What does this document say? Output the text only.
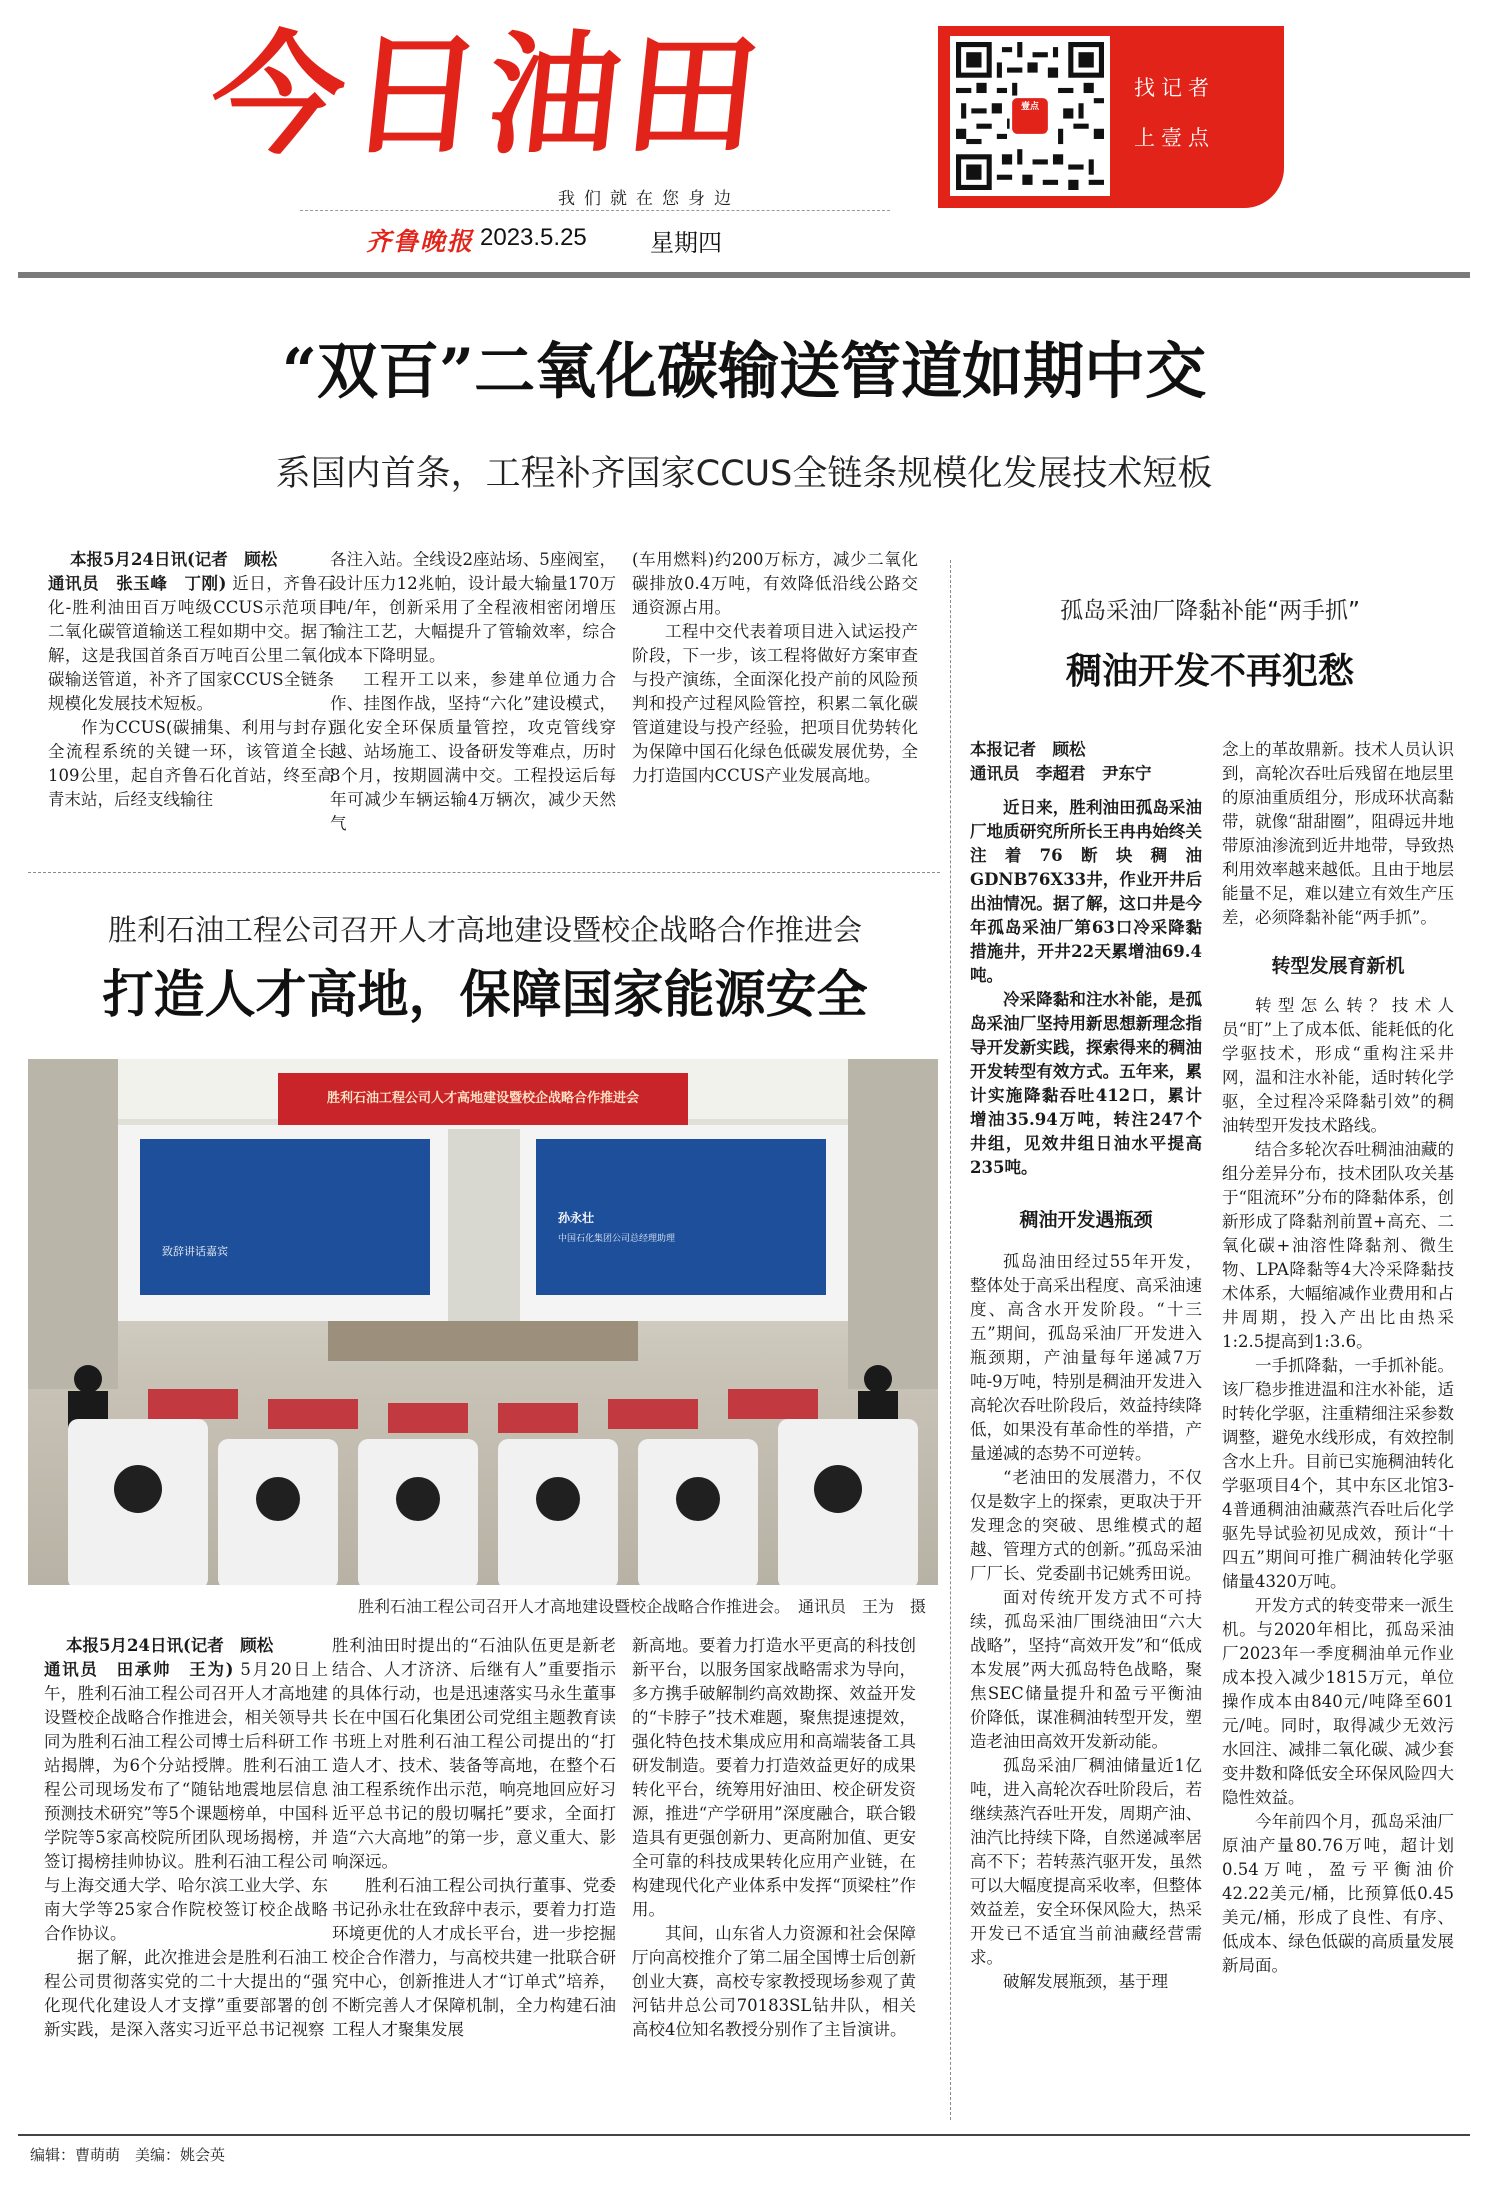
今日油田
我们就在您身边
齐鲁晚报 2023.5.25	星期四
壹点
找记者
上壹点
“双百”二氧化碳输送管道如期中交
系国内首条，工程补齐国家CCUS全链条规模化发展技术短板

本报5月24日讯(记者　顾松

通讯员　张玉峰　丁刚) 近日，齐鲁石化-胜利油田百万吨级CCUS示范项目二氧化碳管道输送工程如期中交。据了解，这是我国首条百万吨百公里二氧化碳输送管道，补齐了国家CCUS全链条规模化发展技术短板。

作为CCUS(碳捕集、利用与封存)全流程系统的关键一环，该管道全长109公里，起自齐鲁石化首站，终至高青末站，后经支线输往

各注入站。全线设2座站场、5座阀室，设计压力12兆帕，设计最大输量170万吨/年，创新采用了全程液相密闭增压输注工艺，大幅提升了管输效率，综合成本下降明显。

工程开工以来，参建单位通力合作、挂图作战，坚持“六化”建设模式，强化安全环保质量管控，攻克管线穿越、站场施工、设备研发等难点，历时8个月，按期圆满中交。工程投运后每年可减少车辆运输4万辆次，减少天然气

(车用燃料)约200万标方，减少二氧化碳排放0.4万吨，有效降低沿线公路交通资源占用。

工程中交代表着项目进入试运投产阶段，下一步，该工程将做好方案审查与投产演练，全面深化投产前的风险预判和投产过程风险管控，积累二氧化碳管道建设与投产经验，把项目优势转化为保障中国石化绿色低碳发展优势，全力打造国内CCUS产业发展高地。

胜利石油工程公司召开人才高地建设暨校企战略合作推进会
打造人才高地，保障国家能源安全
胜利石油工程公司人才高地建设暨校企战略合作推进会
致辞讲话嘉宾
孙永壮
中国石化集团公司总经理助理
胜利石油工程公司召开人才高地建设暨校企战略合作推进会。　通讯员　王为　摄

本报5月24日讯(记者　顾松

通讯员　田承帅　王为) 5月20日上午，胜利石油工程公司召开人才高地建设暨校企战略合作推进会，相关领导共同为胜利石油工程公司博士后科研工作站揭牌，为6个分站授牌。胜利石油工程公司现场发布了“随钻地震地层信息预测技术研究”等5个课题榜单，中国科学院等5家高校院所团队现场揭榜，并签订揭榜挂帅协议。胜利石油工程公司与上海交通大学、哈尔滨工业大学、东南大学等25家合作院校签订校企战略合作协议。

据了解，此次推进会是胜利石油工程公司贯彻落实党的二十大提出的“强化现代化建设人才支撑”重要部署的创新实践，是深入落实习近平总书记视察

胜利油田时提出的“石油队伍更是新老结合、人才济济、后继有人”重要指示的具体行动，也是迅速落实马永生董事长在中国石化集团公司党组主题教育读书班上对胜利石油工程公司提出的“打造人才、技术、装备等高地，在整个石油工程系统作出示范，响亮地回应好习近平总书记的殷切嘱托”要求，全面打造“六大高地”的第一步，意义重大、影响深远。

胜利石油工程公司执行董事、党委书记孙永壮在致辞中表示，要着力打造环境更优的人才成长平台，进一步挖掘校企合作潜力，与高校共建一批联合研究中心，创新推进人才“订单式”培养，不断完善人才保障机制，全力构建石油工程人才聚集发展

新高地。要着力打造水平更高的科技创新平台，以服务国家战略需求为导向，多方携手破解制约高效勘探、效益开发的“卡脖子”技术难题，聚焦提速提效，强化特色技术集成应用和高端装备工具研发制造。要着力打造效益更好的成果转化平台，统筹用好油田、校企研发资源，推进“产学研用”深度融合，联合锻造具有更强创新力、更高附加值、更安全可靠的科技成果转化应用产业链，在构建现代化产业体系中发挥“顶梁柱”作用。

其间，山东省人力资源和社会保障厅向高校推介了第二届全国博士后创新创业大赛，高校专家教授现场参观了黄河钻井总公司70183SL钻井队，相关高校4位知名教授分别作了主旨演讲。

孤岛采油厂降黏补能“两手抓”
稠油开发不再犯愁

本报记者　顾松

通讯员　李超君　尹东宁

近日来，胜利油田孤岛采油厂地质研究所所长王冉冉始终关注着76断块稠油GDNB76X33井，作业开井后出油情况。据了解，这口井是今年孤岛采油厂第63口冷采降黏措施井，开井22天累增油69.4吨。

冷采降黏和注水补能，是孤岛采油厂坚持用新思想新理念指导开发新实践，探索得来的稠油开发转型有效方式。五年来，累计实施降黏吞吐412口，累计增油35.94万吨，转注247个井组，见效井组日油水平提高235吨。

稠油开发遇瓶颈

孤岛油田经过55年开发，整体处于高采出程度、高采油速度、高含水开发阶段。“十三五”期间，孤岛采油厂开发进入瓶颈期，产油量每年递减7万吨-9万吨，特别是稠油开发进入高轮次吞吐阶段后，效益持续降低，如果没有革命性的举措，产量递减的态势不可逆转。

“老油田的发展潜力，不仅仅是数字上的探索，更取决于开发理念的突破、思维模式的超越、管理方式的创新。”孤岛采油厂厂长、党委副书记姚秀田说。

面对传统开发方式不可持续，孤岛采油厂围绕油田“六大战略”，坚持“高效开发”和“低成本发展”两大孤岛特色战略，聚焦SEC储量提升和盈亏平衡油价降低，谋准稠油转型开发，塑造老油田高效开发新动能。

孤岛采油厂稠油储量近1亿吨，进入高轮次吞吐阶段后，若继续蒸汽吞吐开发，周期产油、油汽比持续下降，自然递减率居高不下；若转蒸汽驱开发，虽然可以大幅度提高采收率，但整体效益差，安全环保风险大，热采开发已不适宜当前油藏经营需求。

破解发展瓶颈，基于理

念上的革故鼎新。技术人员认识到，高轮次吞吐后残留在地层里的原油重质组分，形成环状高黏带，就像“甜甜圈”，阻碍远井地带原油渗流到近井地带，导致热利用效率越来越低。且由于地层能量不足，难以建立有效生产压差，必须降黏补能“两手抓”。

转型发展育新机

转型怎么转？技术人员“盯”上了成本低、能耗低的化学驱技术，形成“重构注采井网，温和注水补能，适时转化学驱，全过程冷采降黏引效”的稠油转型开发技术路线。

结合多轮次吞吐稠油油藏的组分差异分布，技术团队攻关基于“阻流环”分布的降黏体系，创新形成了降黏剂前置+高充、二氧化碳+油溶性降黏剂、微生物、LPA降黏等4大冷采降黏技术体系，大幅缩减作业费用和占井周期，投入产出比由热采1:2.5提高到1:3.6。

一手抓降黏，一手抓补能。该厂稳步推进温和注水补能，适时转化学驱，注重精细注采参数调整，避免水线形成，有效控制含水上升。目前已实施稠油转化学驱项目4个，其中东区北馆3-4普通稠油油藏蒸汽吞吐后化学驱先导试验初见成效，预计“十四五”期间可推广稠油转化学驱储量4320万吨。

开发方式的转变带来一派生机。与2020年相比，孤岛采油厂2023年一季度稠油单元作业成本投入减少1815万元，单位操作成本由840元/吨降至601元/吨。同时，取得减少无效污水回注、减排二氧化碳、减少套变井数和降低安全环保风险四大隐性效益。

今年前四个月，孤岛采油厂原油产量80.76万吨，超计划0.54万吨，盈亏平衡油价42.22美元/桶，比预算低0.45美元/桶，形成了良性、有序、低成本、绿色低碳的高质量发展新局面。

编辑：曹萌萌　美编：姚会英
